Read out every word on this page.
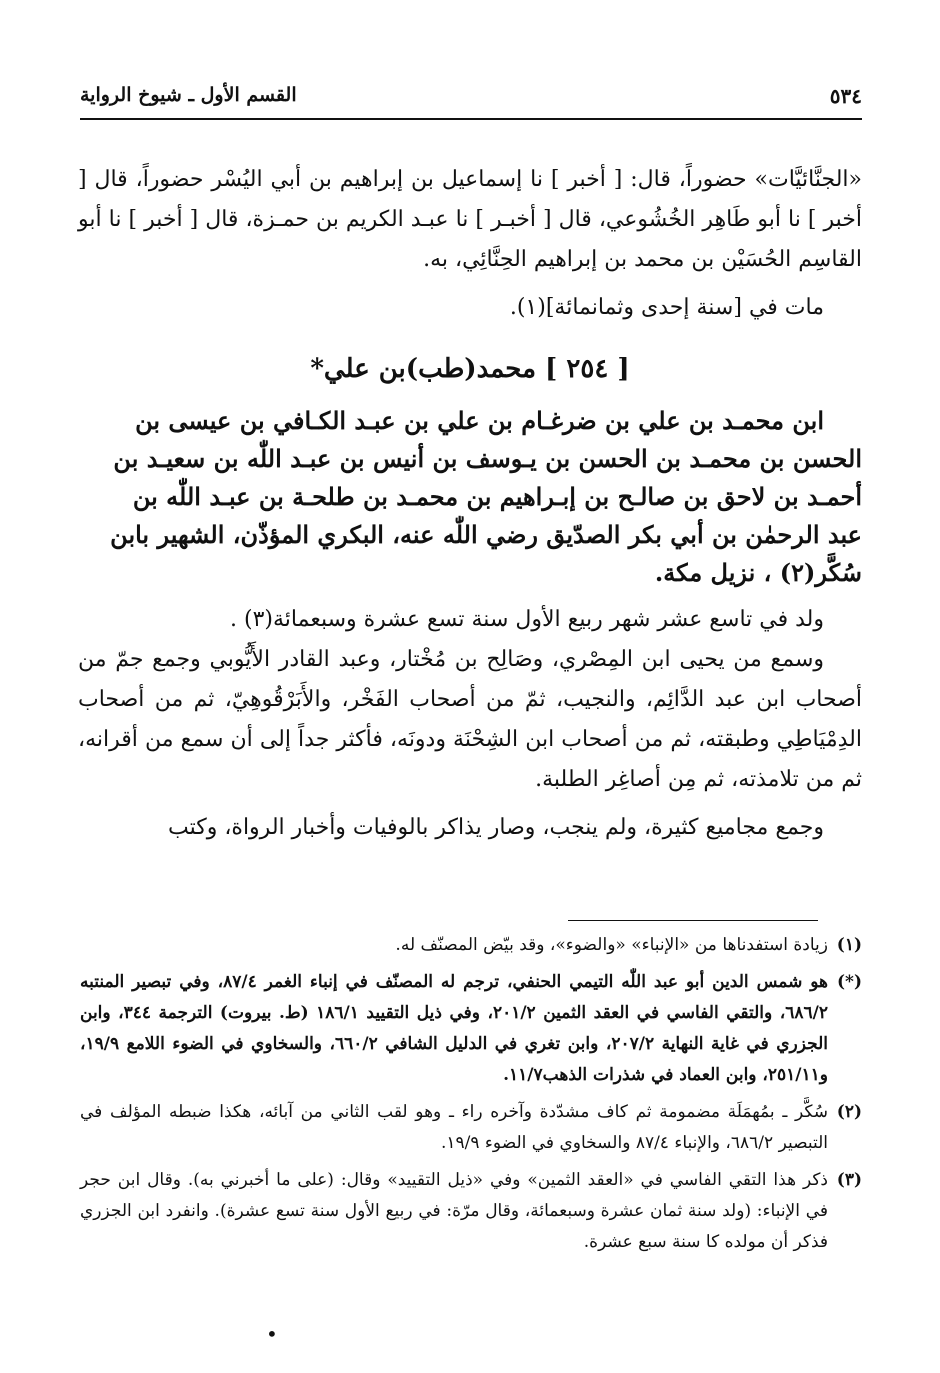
٥٣٤
القسم الأول ـ شيوخ الرواية

«الجنَّائيَّات» حضوراً، قال: [ أخبر ] نا إسماعيل بن إبراهيم بن أبي اليُسْر حضوراً، قال [ أخبر ] نا أبو طَاهِر الخُشُوعي، قال [ أخبـر ] نا عبـد الكريم بن حمـزة، قال [ أخبر ] نا أبو القاسِم الحُسَيْن بن محمد بن إبراهيم الحِنَّائِي، به.

مات في [سنة إحدى وثمانمائة](١).

[ ٢٥٤ ] محمد(طب)بن علي*

ابن محمـد بن علي بن ضرغـام بن علي بن عبـد الكـافي بن عيسى بن

الحسن بن محمـد بن الحسن بن يـوسف بن أنيس بن عبـد اللّٰه بن سعيـد بن

أحمـد بن لاحق بن صالـح بن إبـراهيم بن محمـد بن طلحـة بن عبـد اللّٰه بن

عبد الرحمٰن بن أبي بكر الصدّيق رضي اللّٰه عنه، البكري المؤذّن، الشهير بابن

سُكَّر(٢) ، نزيل مكة.

ولد في تاسع عشر شهر ربيع الأول سنة تسع عشرة وسبعمائة(٣) .

وسمع من يحيى ابن المِصْري، وصَالِح بن مُخْتار، وعبد القادر الأَيُّوبي وجمع جمّ من أصحاب ابن عبد الدَّائِم، والنجيب، ثمّ من أصحاب الفَخْر، والأَبَرْقُوهِيّ، ثم من أصحاب الدِمْيَاطِي وطبقته، ثم من أصحاب ابن الشِحْنَة ودونَه، فأكثر جداً إلى أن سمع من أقرانه، ثم من تلامذته، ثم مِن أصاغِر الطلبة.

وجمع مجاميع كثيرة، ولم ينجب، وصار يذاكر بالوفيات وأخبار الرواة، وكتب

(١)
زيادة استفدناها من «الإنباء» «والضوء»، وقد بيّض المصنّف له.
(*)
هو شمس الدين أبو عبد اللّٰه التيمي الحنفي، ترجم له المصنّف في إنباء الغمر ٨٧/٤، وفي تبصير المنتبه ٦٨٦/٢، والتقي الفاسي في العقد الثمين ٢٠١/٢، وفي ذيل التقييد ١٨٦/١ (ط. بيروت) الترجمة ٣٤٤، وابن الجزري في غاية النهاية ٢٠٧/٢، وابن تغري في الدليل الشافي ٦٦٠/٢، والسخاوي في الضوء اللامع ١٩/٩، و٢٥١/١١، وابن العماد في شذرات الذهب١١/٧.
(٢)
سُكَّر ـ بمُهمَلَة مضمومة ثم كاف مشدّدة وآخره راء ـ وهو لقب الثاني من آبائه، هكذا ضبطه المؤلف في التبصير ٦٨٦/٢، والإنباء ٨٧/٤ والسخاوي في الضوء ١٩/٩.
(٣)
ذكر هذا التقي الفاسي في «العقد الثمين» وفي «ذيل التقييد» وقال: (على ما أخبرني به). وقال ابن حجر في الإنباء: (ولد سنة ثمان عشرة وسبعمائة، وقال مرّة: في ربيع الأول سنة تسع عشرة). وانفرد ابن الجزري فذكر أن مولده كا سنة سبع عشرة.
•
